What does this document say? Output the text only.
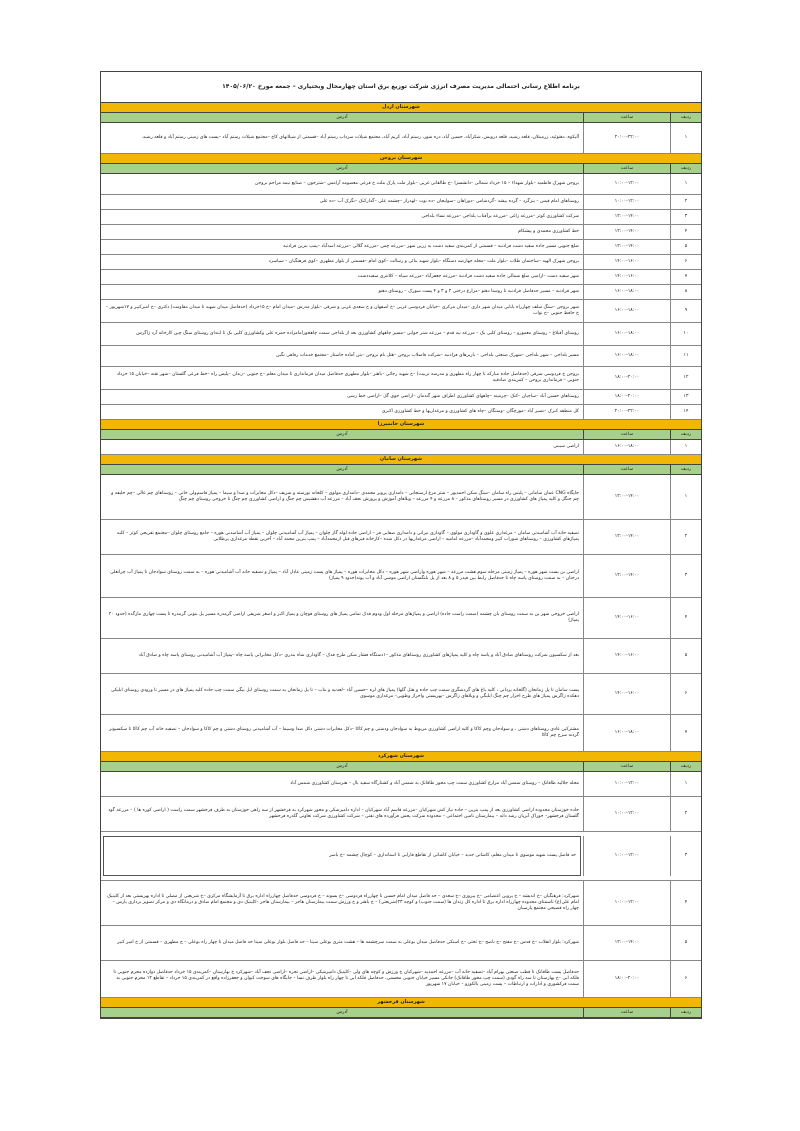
برنامه اطلاع رسانی احتمالی مدیریت مصرف انرژی شرکت توزیع برق استان چهارمحال وبختیاری – جمعه مورخ ۱۴۰۵/۰۶/۲۰
شهرستان اردل
ردیف
ساعت
آدرس
۱
۲۰:۰۰-۲۲:۰۰
آلیکوه، دهنوئیه، زرمینلان، قلعه رشید، قلعه درویش، شکرآباد، حسین آباد، دره شور، رستم آباد، کریم آباد، مجتمع شیلات سرداب رستم آباد –قسمتی از شیلاتهای کاج –مجتمع شیلات رستم آباد –پست های زمینی رستم آباد و قلعه رشید.
شهرستان بروجن
ردیف
ساعت
آدرس
۱
۱۰:۰۰-۱۲:۰۰
بروجن شهرک فاطمیه –بلوار شهداء – ۱۵ خرداد شمالی –دانشسرا –خ طالقانی غربی –بلوار ملت پارک ملت خ فرعی معصومه آرامش –شترخون – صنایع نیمه مزاحم بروجن
۲
۱۰:۰۰-۱۲:۰۰
روستاهای امام قیس – بیژگرد – گرده بیشه –گردشامی –دوراهان –سولیجان –ده نوت –لهدراز –چشمه علی –گدارکبک –نگرک آب –ده علی
۳
۱۲:۰۰-۱۴:۰۰
شرکت کشاورزی کوثر –مزرعه زاغی –مزرعه برآفتاب بلداجی –مزرعه نساء بلداجی
۴
۱۲:۰۰-۱۴:۰۰
خط کشاورزی محمدی و پیشکام
۵
۱۲:۰۰-۱۴:۰۰
ضلع جنوبی مسیر جاده سفید دشت فرادنبه – قسمتی از کمربندی سفید دشت به زرین شهر –مزرعه چمن –مزرعه گلالی –مزرعه اسدآباد –پمپ بنزین فرادنبه
۶
۱۴:۰۰-۱۶:۰۰
بروجن شهرک الهیه –ساختمان طلاب –بلوار ملت –محله جهارصد دستگاه –بلوار شهید بنائی و رسالت –کوی امام –قسمتی از بلوار مطهری –کوی فرهنگیان – سیاسرد
۷
۱۴:۰۰-۱۶:۰۰
شهر سفید دشت –اراضی ضلع شمالی جاده سفید دشت فرادنبه –مزرعه جعفرآباد –مزرعه سیاه – کلانتری سفیددشت
۸
۱۶:۰۰-۱۸:۰۰
شهر فرادنبه – مسیر حدفاصل فرادنبه تا روستا دهنو –مزارع درختی ۲ و ۳ و ۴ پست سورک – روستای دهنو
۹
۱۶:۰۰-۱۸:۰۰
شهر بروجن –سنگ سلف چهارراه بابایی میدان شهر داری –میدان مرکزی –خیابان فردوسی غربی –خ اصفهان و خ سعدی غربی و شرقی –بلوار مدرس –میدان امام –خ ۱۵خرداد (حدفاصل میدان شهید تا میدان مقاومت) دکتری –خ امیرکبیر و ۱۷شهریور –خ حافظ جنوبی –خ نواب
۱۰
۱۶:۰۰-۱۸:۰۰
روستای آقبلاغ – روستای معمورو – روستای کلیی بک – مزرعه نیه قدم – مزرعه شتر خوابی –مسیر چاههای کشاورزی بعد از بلداجی سمت چاهخورامامزاده حمزه علی وکشاورزی کلیی بک تا ابتدای روستای سنگ چین کارخانه آرد زاگرس
۱۱
۱۶:۰۰-۱۸:۰۰
مسیر بلداجی – شهر بلداجی –شهرک صنعتی بلداجی – باربرهای فرادنبه –شرکت فاضلاب بروجن –هتل بام بروجن –بتن آماده خاستار –مجتمع خدمات رفاهی نگین
۱۲
۱۸:۰۰-۲۰:۰۰
بروجن خ فردوسی شرقی (حدفاصل جاده مبارکه تا چهار راه مطهری و مدرسه تربیت) –خ شهید رجائی –باهنر –بلوار مطهری حدفاصل میدان فرمانداری تا میدان معلم –خ جنوبی –زندان –پلیس راه –خط فرعی گلستان –شهر نقنه –خیابان ۱۵ خرداد جنوبی – فرمانداری بروجن – کمربندی صادقیه
۱۳
۱۸:۰۰-۲۰:۰۰
روستاهای حسین آباد –ساجیان –کنک –چرمینه –چاههای کشاورزی اطراف شهر گندمان –اراضی جوی گل –اراضی خط رسی
۱۴
۲۰:۰۰-۲۲:۰۰
کل منطقه کبرک –نصیر آباد –مورچگان –وستگان –چاه های کشاورزی و مرغداریها و خط کشاورزی اکبری
شهرستان خانمیرزا
ردیف
ساعت
آدرس
۱
۱۶:۰۰-۱۸:۰۰
اراضی سیبنی
شهرستان سامان
ردیف
ساعت
آدرس
۱
۱۲:۰۰-۱۴:۰۰
جایگاه CNG عمان سامانی – پلیس راه سامان –سنگ شکن احمدپور – شتر مرغ ارسنجانی – دامداری پرویز محمدی –دامداری مولوی – کلخانه نورسته و شریف –دکل مخابرات و صدا و سیما – پمپاژ قاسم‌ولی خانی – روستاهای چم عالی –چم خلیفه و چم جنگل و کلیه پمپاژ های کشاورزی در مسیر روستاهای مذکور – ۸ مزرعه و ۴ مزرعه – ویلاهای آموزش و پرورش نجف آباد – مزرعه آب دهشیش چم جنگ و اراضی کشاورزی چم چنگ تا خروجی روستای چم چنگ
۲
۱۲:۰۰-۱۴:۰۰
تصفیه خانه آب آشامیدنی سامان – مرغداری علوی و گاوداری مولوی – گاوداری نیرانی و دامداری صفایی فر – اراضی جاده لوله گاز چلوان – پمپاژ آب آشامیدنی چلوان – پمپاژ آب آشامیدنی هوره – جامع روستای چلوان –مجتمع تفریحی کوثر – کلیه پمپاژهای کشاورزی – روستاهای شوراب کبیر ومحمدآباد –مزرعه امامیه – اراضی مرغداریها در دکل شده –کارخانه فیرهای قبل ازمحمدآباد – پمپ بنزین محمد آباد – آخرین نقطه مرغداری پرطلایی
۳
۱۲:۰۰-۱۴:۰۰
اراضی بن بست شهر هوره – پمپاژ زمینی مرحله سوم هشت مزرعه – شهر هوره واراضی شهر هوره – دکل مخابرات هوره – پمپاژ های پست زمینی عادل آباد – پمپاژ و تصفیه خانه آب آشامیدنی هوره – به سمت روستای سوادجان تا پمپاژ آب چرانغلی درختان – به سمت روستای پاسه چاه تا حدفاصل رابط بین فیدر ۵ و ۸ بعد از پل بلنگستان اراضی موسی آباد و آب پونه(حدود ۹ پمپاژ)
۴
۱۴:۰۰-۱۶:۰۰
اراضی خروجی شهر بن به سمت روستای بان چشمه (سمت راست جاده) اراضی و پمپاژهای مرحله اول ودوم فدک تمامی پمپاژ های روستای قوچان و پمپاژ اکبر و اصغر شریفی اراضی گرمدره مسیر پل بنونی گرمدره تا پست چهاری مازگده (حدود ۲۰ پمپاژ)
۵
۱۴:۰۰-۱۶:۰۰
بعد از سکسیون شرکت روستاهای صادق آباد و پاسه چاه و کلیه پمپاژهای کشاورزی روستاهای مذکور –۱دستگاه فشار شکن طرح فدک – گاوداری شاه بندری –دکل مخابراتی پاسه چاه –پمپاژ آب آشامیدنی روستای پاسه چاه و صادق آباد
۶
۱۴:۰۰-۱۶:۰۰
پست سامان تا پل زمانخان (گلخانه یزدانی ، کلیه باغ های گردشگری سمت چپ جاده و هتل گلها) پمپاژ های لره –حسین آباد –لعدنیه و بناب – تا پل زمانخان به سمت روستای ابل بیگی سمت چپ جاده کلیه پمپاژ های در مسیر تا ورودی روستای ابلیکی دهکده زاگرس پمپاژ های طرح احرار چم چنگ ابلیگی و ویلاهای زاگرس –بهزیستی واحراز وطویی– مرغداری موسوی
۷
۱۶:۰۰-۱۸:۰۰
مشترکین عادی روستاهای دشتی ، و سوادجان وچم کاکا و کلیه اراضی کشاورزی مربوط به سوادجان ودشتی و چم کاکا –دکل مخابرات دشتی دکل صدا وسیما – آب آشامیدنی روستای دشتی و چم کاکا و سوادجان – تصفیه خانه آب چم کاکا تا سکسیونر گردنه سرخ چم کاکا
شهرستان شهرکرد
ردیف
ساعت
آدرس
۱
۱۰:۰۰-۱۲:۰۰
محله جلالیه طاقانک – روستای شمس آباد مزارع کشاورزی سمت چپ محور طاقانک به شمس آباد و کشتارگاه سفید بال – هنرستان کشاورزی شمس آباد
۲
۱۰:۰۰-۱۲:۰۰
جاده خوزستان محدوده اراضی کشاورزی بعد از پمپ بنزین – جاده نیاز کش شهرکیان –مزرعه قاسم آباد شهرکیان – اداره دامپزشکی و محور شهرکرد به فرخشهر از سه راهی خوزستان به طرف فرخشهر سمت راست ( اراضی کوره ها ) – مزرعه گود گلستان فرخشهر– خوراک آبزیان رشد دانه – بیمارستان تامین اجتماعی – محدوده شرکت پخش فرآورده های نفتی – شرکت کشاورزی شرکت تعاونی گلدره فرخشهر
۳
۱۰:۰۰-۱۲:۰۰
حد فاصل پست شهید موسوی تا میدان معلم، کاشانی جدید – خیابان کاشانی از تقاطع فارابی تا استانداری – کوچال چشمه –خ یاسر
۴
۱۰:۰۰-۱۲:۰۰
شهرکرد: فرهنگیان –خ اندیشه – خ پروین اعتصامی –خ پیروزی –خ سعدی – حد فاصل میدان امام حسین تا چهارراه فردوسی –خ بسوند – خ فردوسی حدفاصل چهارراه اداره برق تا آزمایشگاه مرکزی –خ شریعتی از مصلی تا اداره بهزیستی بعد از کلینیک امام علی(ع) تاسمتای محدوده چهارراه اداره برق تا اداره کل زندان ها (سمت جنوب) و کوچه ۲۳(شریعتی) – خ باهنر و خ ورزش سمت بیمارستان هاجر – بیمارستان هاجر –کلینیک دی و مجتمع امام صادق و درمانگاه دی و مرکز تصویر برداری پارس –چهار راه فصیحی مجتمع پارسیان
۵
۱۲:۰۰-۱۴:۰۰
شهرکرد: بلوار انقلاب –خ قدس –خ مفتح –خ ناصح –خ تختی –خ استکی حدفاصل میدان بوعلی به سمت سرچشمه ها – هشت متری بوعلی سینا – حد فاصل بلوار بوعلی سینا حد فاصل میدان تا چهار راه بوعلی – خ مطهری – قسمتی از خ امیر کبیر
۶
۱۸:۰۰-۲۰:۰۰
حدفاصل پست طاقانک تا قطب صنعتی بهرام آباد –تصفیه خانه آب –مزرعه احمدیه –شهرکیان خ ورزش و کوچه های ولی –کلینیک دامپزشکی –اراضی تجره –اراضی نجف آباد –شهرکرد خ بهارستان –کمربندی ۱۵ خرداد حدفاصل دوازده محرم جنوبی تا فلکه ابی –خ بهارستان تا سه راه گودی (سمت چپ محور طاقانک) جانکی مسیر خیابان جنوبی محسنی، حدفاصل فلکه ابی تا چهار راه بلوار طرف نسا – جایگاه های سوخت کیوان و جعفرزاده واقع در کمربندی ۱۵ خرداد – تقاطع ۱۲ محرم جنوبی به سمت فرکشوری و ادارات و ارتباطات – پست زمینی بالکوزو – خیابان ۱۷ شهریور
شهرستان فرخشهر
ردیف
ساعت
آدرس
